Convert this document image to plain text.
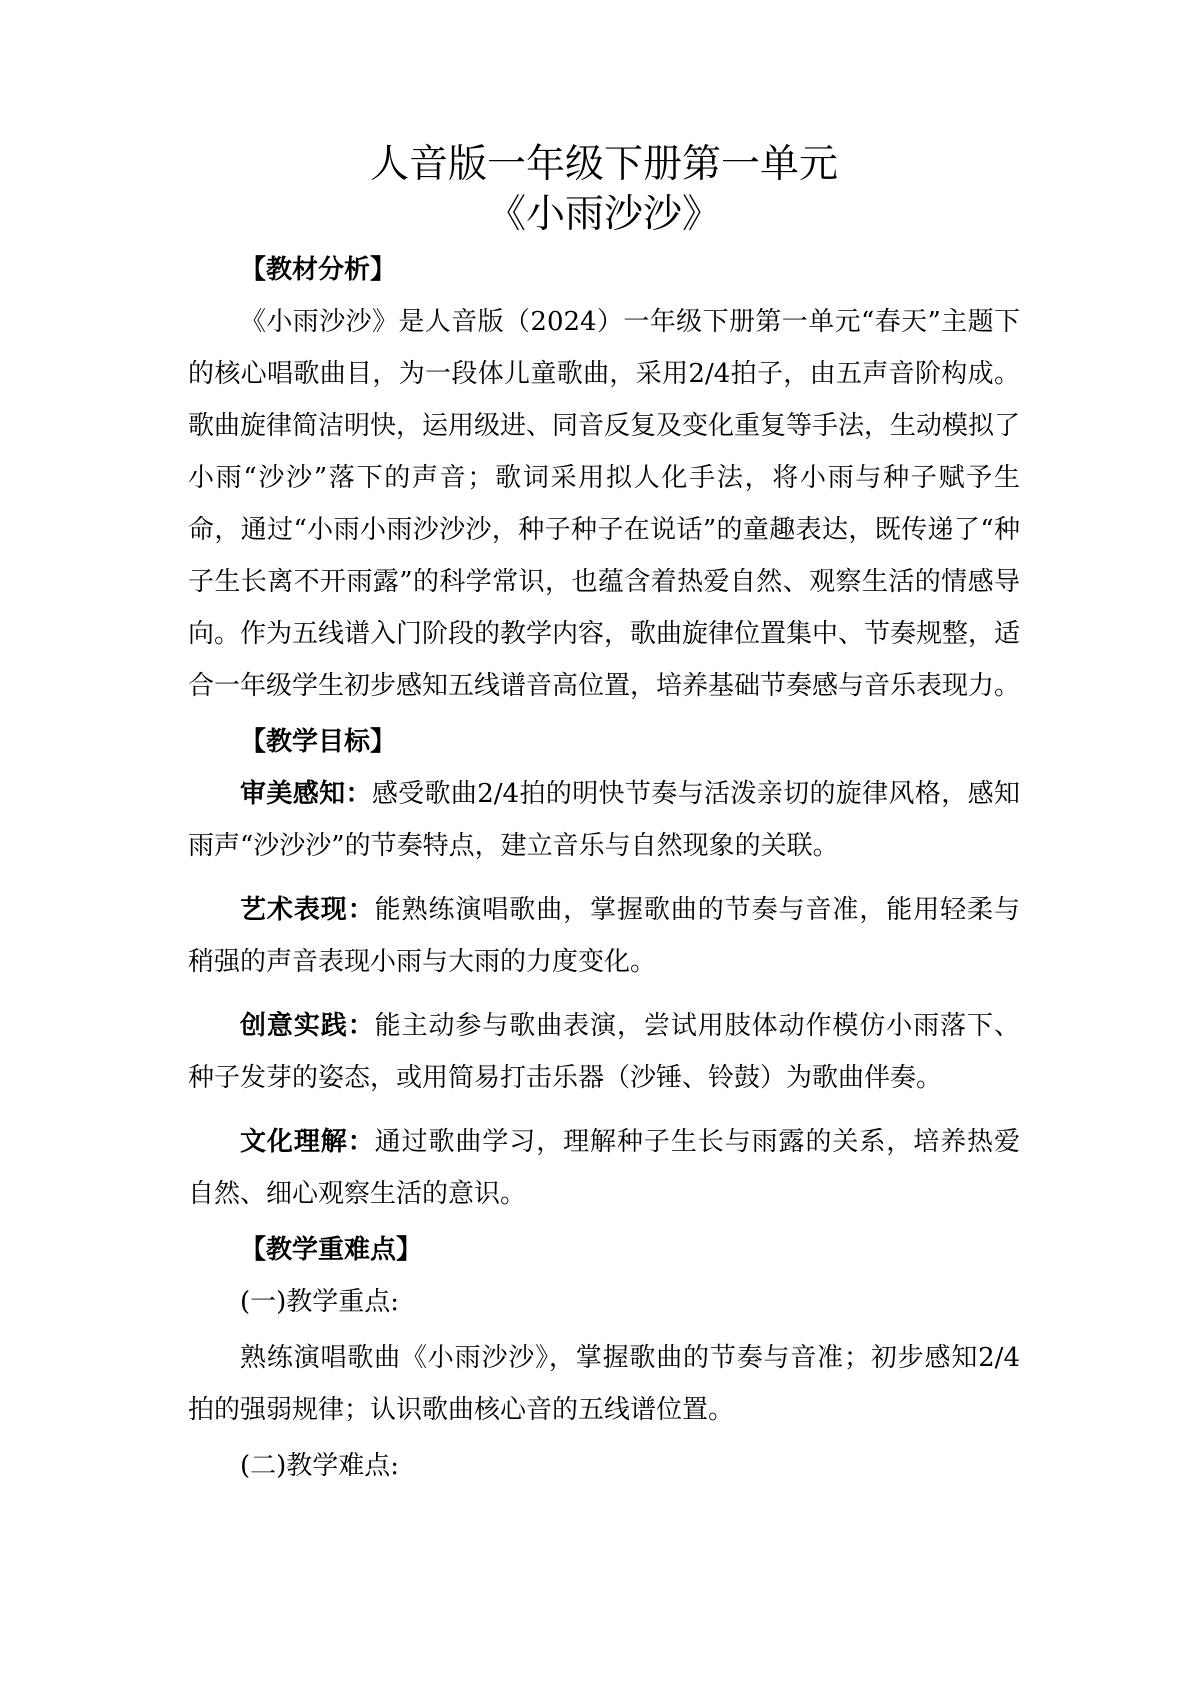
人音版一年级下册第一单元
《小雨沙沙》

【教材分析】

《小雨沙沙》是人音版（2024）一年级下册第一单元“春天”主题下的核心唱歌曲目，为一段体儿童歌曲，采用2/4拍子，由五声音阶构成。歌曲旋律简洁明快，运用级进、同音反复及变化重复等手法，生动模拟了小雨“沙沙”落下的声音；歌词采用拟人化手法，将小雨与种子赋予生命，通过“小雨小雨沙沙沙，种子种子在说话”的童趣表达，既传递了“种子生长离不开雨露”的科学常识，也蕴含着热爱自然、观察生活的情感导向。作为五线谱入门阶段的教学内容，歌曲旋律位置集中、节奏规整，适合一年级学生初步感知五线谱音高位置，培养基础节奏感与音乐表现力。

【教学目标】

审美感知：感受歌曲2/4拍的明快节奏与活泼亲切的旋律风格，感知雨声“沙沙沙”的节奏特点，建立音乐与自然现象的关联。

艺术表现：能熟练演唱歌曲，掌握歌曲的节奏与音准，能用轻柔与稍强的声音表现小雨与大雨的力度变化。

创意实践：能主动参与歌曲表演，尝试用肢体动作模仿小雨落下、种子发芽的姿态，或用简易打击乐器（沙锤、铃鼓）为歌曲伴奏。

文化理解：通过歌曲学习，理解种子生长与雨露的关系，培养热爱自然、细心观察生活的意识。

【教学重难点】

(一)教学重点:

熟练演唱歌曲《小雨沙沙》，掌握歌曲的节奏与音准；初步感知2/4拍的强弱规律；认识歌曲核心音的五线谱位置。

(二)教学难点:
